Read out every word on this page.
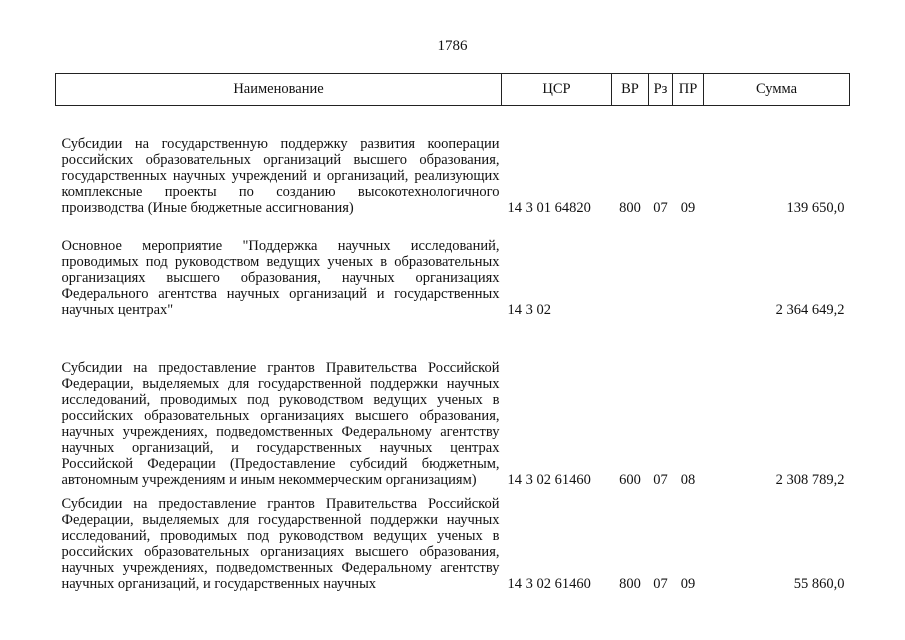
1786
Наименование	ЦСР	ВР	Рз	ПР	Сумма
Субсидии на государственную поддержку развития кооперации российских образовательных организаций высшего образования, государственных научных учреждений и организаций, реализующих комплексные проекты по созданию высокотехнологичного производства (Иные бюджетные ассигнования)	14 3 01 64820	800	07	09	139 650,0
Основное мероприятие "Поддержка научных исследований, проводимых под руководством ведущих ученых в образовательных организациях высшего образования, научных организациях Федерального агентства научных организаций и государственных научных центрах"	14 3 02				2 364 649,2
Субсидии на предоставление грантов Правительства Российской Федерации, выделяемых для государственной поддержки научных исследований, проводимых под руководством ведущих ученых в российских образовательных организациях высшего образования, научных учреждениях, подведомственных Федеральному агентству научных организаций, и государственных научных центрах Российской Федерации (Предоставление субсидий бюджетным, автономным учреждениям и иным некоммерческим организациям)	14 3 02 61460	600	07	08	2 308 789,2
Субсидии на предоставление грантов Правительства Российской Федерации, выделяемых для государственной поддержки научных исследований, проводимых под руководством ведущих ученых в российских образовательных организациях высшего образования, научных учреждениях, подведомственных Федеральному агентству научных организаций, и государственных научных	14 3 02 61460	800	07	09	55 860,0
